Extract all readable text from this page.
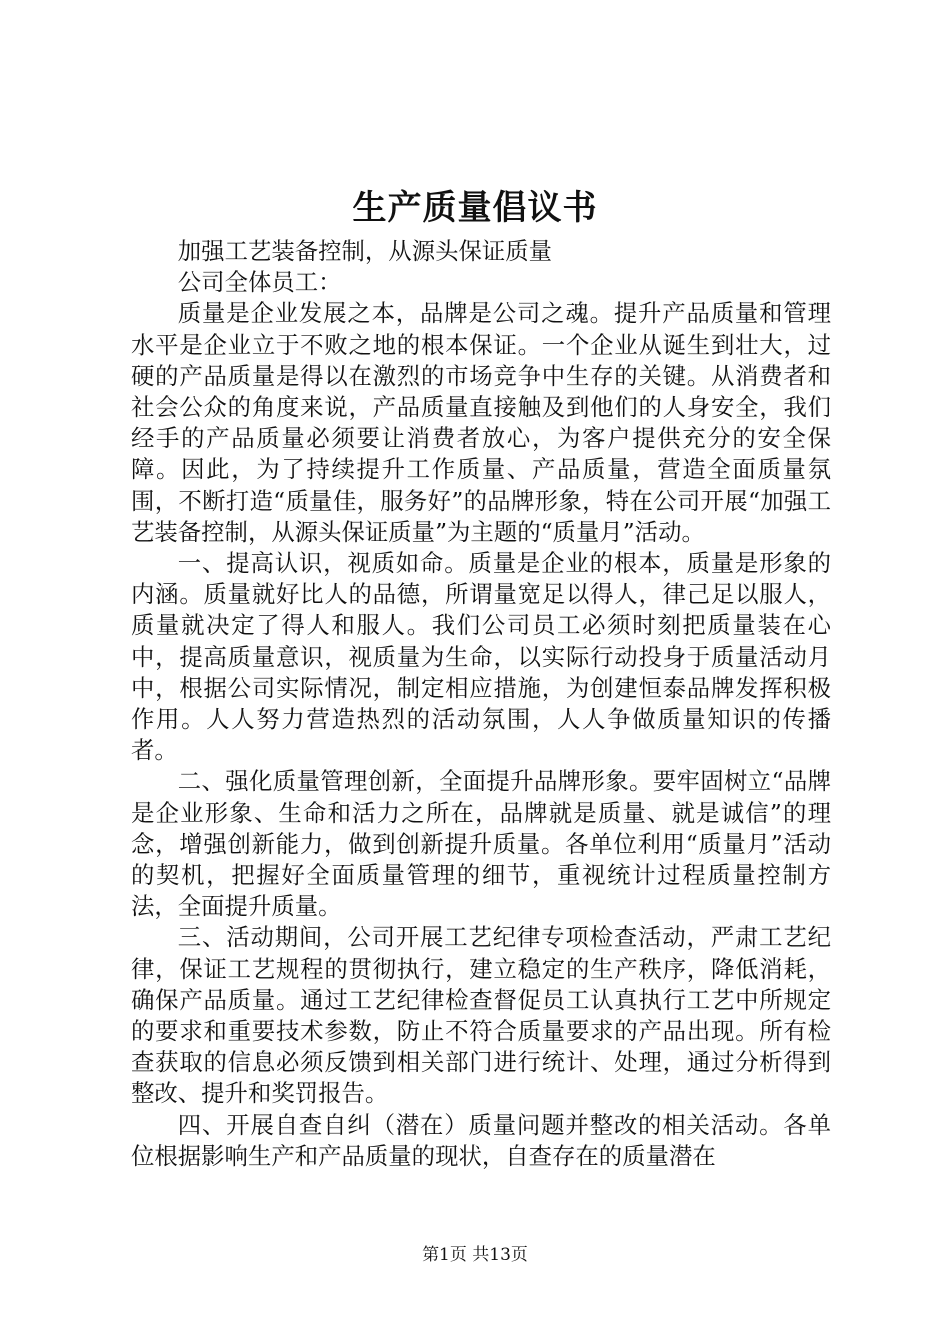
生产质量倡议书

加强工艺装备控制，从源头保证质量

公司全体员工：

质量是企业发展之本，品牌是公司之魂。提升产品质量和管理水平是企业立于不败之地的根本保证。一个企业从诞生到壮大，过硬的产品质量是得以在激烈的市场竞争中生存的关键。从消费者和社会公众的角度来说，产品质量直接触及到他们的人身安全，我们经手的产品质量必须要让消费者放心，为客户提供充分的安全保障。因此，为了持续提升工作质量、产品质量，营造全面质量氛围，不断打造“质量佳，服务好”的品牌形象，特在公司开展“加强工艺装备控制，从源头保证质量”为主题的“质量月”活动。

一、提高认识，视质如命。质量是企业的根本，质量是形象的内涵。质量就好比人的品德，所谓量宽足以得人，律己足以服人，质量就决定了得人和服人。我们公司员工必须时刻把质量装在心中，提高质量意识，视质量为生命，以实际行动投身于质量活动月中，根据公司实际情况，制定相应措施，为创建恒泰品牌发挥积极作用。人人努力营造热烈的活动氛围，人人争做质量知识的传播者。

二、强化质量管理创新，全面提升品牌形象。要牢固树立“品牌是企业形象、生命和活力之所在，品牌就是质量、就是诚信”的理念，增强创新能力，做到创新提升质量。各单位利用“质量月”活动的契机，把握好全面质量管理的细节，重视统计过程质量控制方法，全面提升质量。

三、活动期间，公司开展工艺纪律专项检查活动，严肃工艺纪律，保证工艺规程的贯彻执行，建立稳定的生产秩序，降低消耗，确保产品质量。通过工艺纪律检查督促员工认真执行工艺中所规定的要求和重要技术参数，防止不符合质量要求的产品出现。所有检查获取的信息必须反馈到相关部门进行统计、处理，通过分析得到整改、提升和奖罚报告。

四、开展自查自纠（潜在）质量问题并整改的相关活动。各单位根据影响生产和产品质量的现状，自查存在的质量潜在

第1页 共13页
